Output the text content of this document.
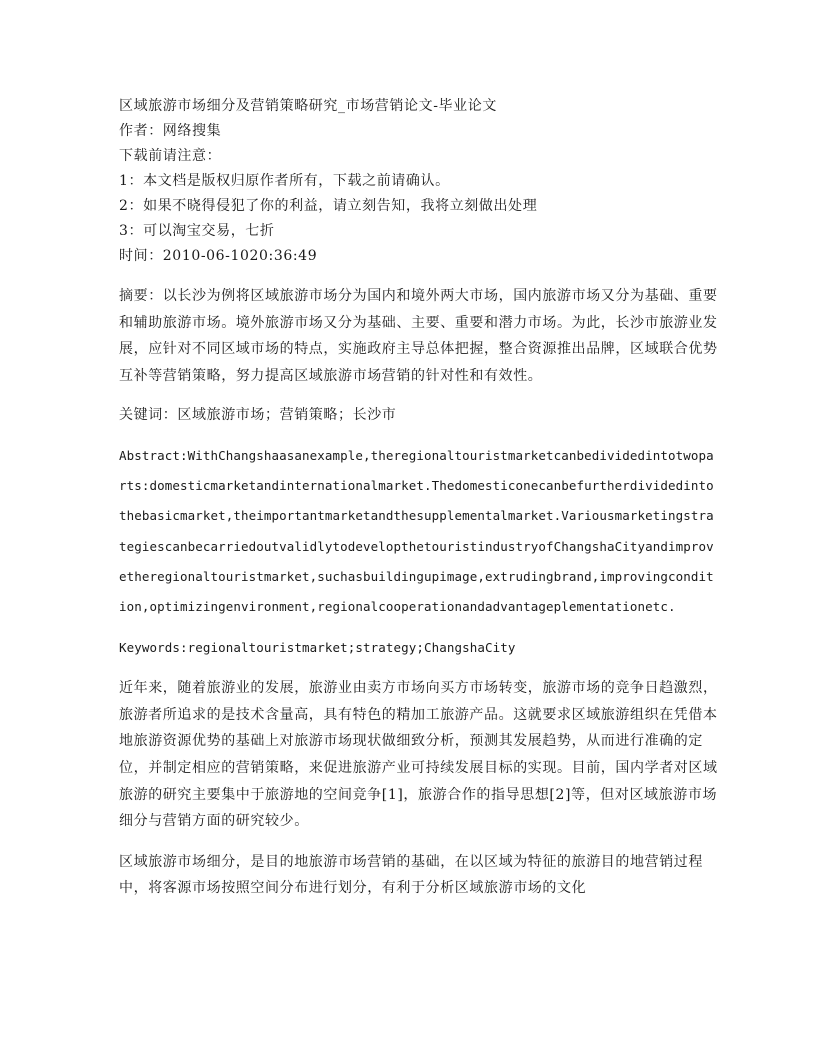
区域旅游市场细分及营销策略研究_市场营销论文-毕业论文

作者：网络搜集

下载前请注意：

1：本文档是版权归原作者所有，下载之前请确认。

2：如果不晓得侵犯了你的利益，请立刻告知，我将立刻做出处理

3：可以淘宝交易，七折

时间：2010-06-1020:36:49

摘要：以长沙为例将区域旅游市场分为国内和境外两大市场，国内旅游市场又分为基础、重要和辅助旅游市场。境外旅游市场又分为基础、主要、重要和潜力市场。为此，长沙市旅游业发展，应针对不同区域市场的特点，实施政府主导总体把握，整合资源推出品牌，区域联合优势互补等营销策略，努力提高区域旅游市场营销的针对性和有效性。

关键词：区域旅游市场；营销策略；长沙市

Abstract:WithChangshaasanexample,theregionaltouristmarketcanbedividedintotwoparts:domesticmarketandinternationalmarket.Thedomesticonecanbefurtherdividedintothebasicmarket,theimportantmarketandthesupplementalmarket.VariousmarketingstrategiescanbecarriedoutvalidlytodevelopthetouristindustryofChangshaCityandimprovetheregionaltouristmarket,suchasbuildingupimage,extrudingbrand,improvingcondition,optimizingenvironment,regionalcooperationandadvantageplementationetc.

Keywords:regionaltouristmarket;strategy;ChangshaCity

近年来，随着旅游业的发展，旅游业由卖方市场向买方市场转变，旅游市场的竞争日趋激烈，旅游者所追求的是技术含量高，具有特色的精加工旅游产品。这就要求区域旅游组织在凭借本地旅游资源优势的基础上对旅游市场现状做细致分析，预测其发展趋势，从而进行准确的定位，并制定相应的营销策略，来促进旅游产业可持续发展目标的实现。目前，国内学者对区域旅游的研究主要集中于旅游地的空间竞争[1]，旅游合作的指导思想[2]等，但对区域旅游市场细分与营销方面的研究较少。

区域旅游市场细分，是目的地旅游市场营销的基础，在以区域为特征的旅游目的地营销过程中，将客源市场按照空间分布进行划分，有利于分析区域旅游市场的文化
